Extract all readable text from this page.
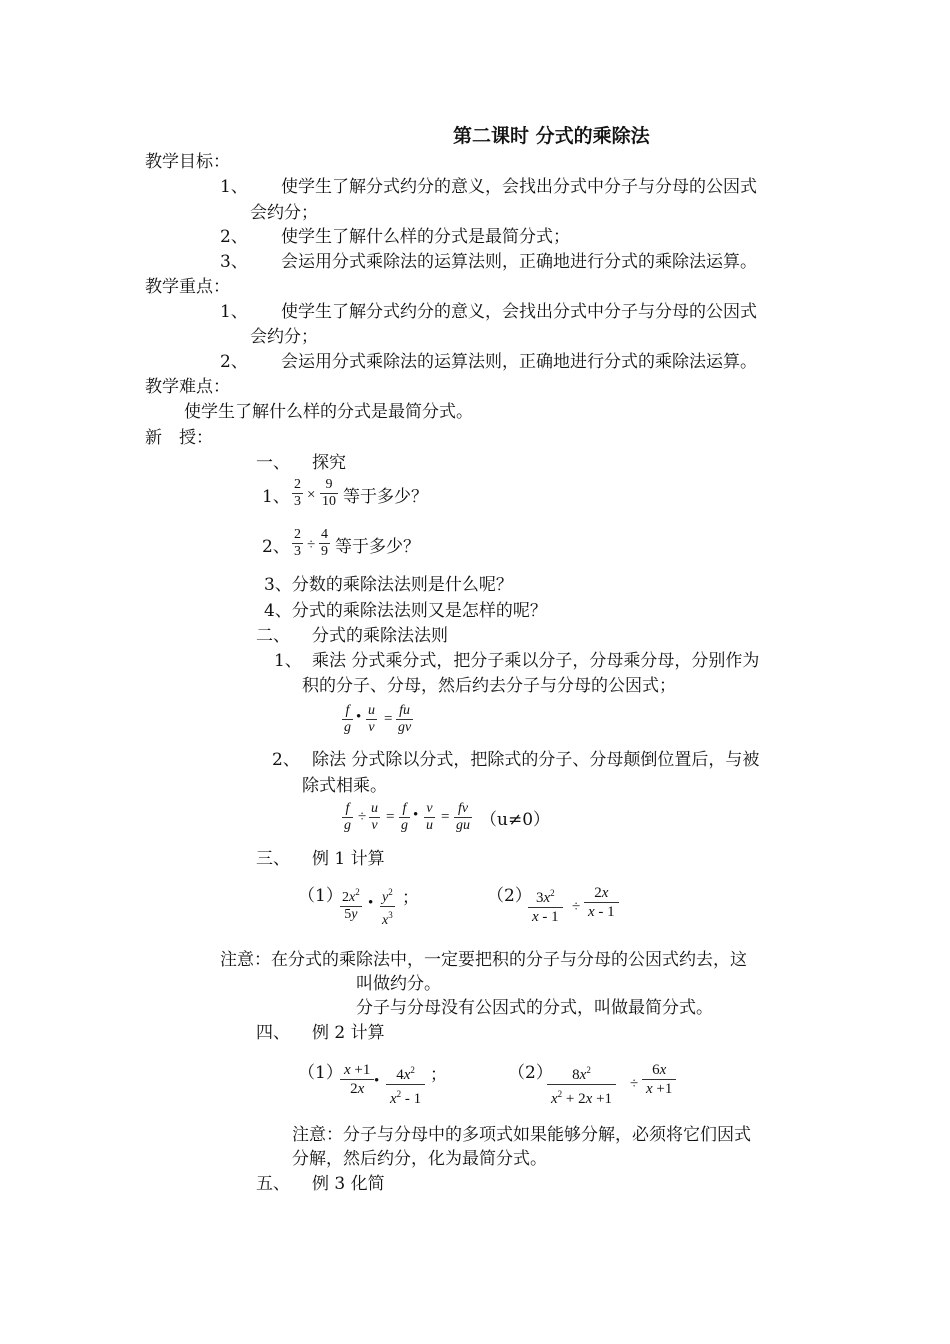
第二课时 分式的乘除法
教学目标：
1、 使学生了解分式约分的意义，会找出分式中分子与分母的公因式
会约分；
2、 使学生了解什么样的分式是最简分式；
3、 会运用分式乘除法的运算法则，正确地进行分式的乘除法运算。
教学重点：
1、 使学生了解分式约分的意义，会找出分式中分子与分母的公因式
会约分；
2、 会运用分式乘除法的运算法则，正确地进行分式的乘除法运算。
教学难点：
使学生了解什么样的分式是最简分式。
新　授：
一、 探究
1、
2
3 ×
9
10 等于多少？
2、
2
3 ÷
4
9 等于多少？
3、分数的乘除法法则是什么呢？
4、分式的乘除法法则又是怎样的呢？
二、 分式的乘除法法则
1、 乘法 分式乘分式，把分子乘以分子，分母乘分母，分别作为
积的分子、分母，然后约去分子与分母的公因式；
f
g
• u
v
=
fu
gv
2、 除法 分式除以分式，把除式的分子、分母颠倒位置后，与被
除式相乘。
f
g
÷
u
v
=
f
g
• v
u
=
fv
gu （u≠0）
三、 例 1 计算
（1） $2x^2$
5y
• $y^2$
$x^3$
；	（2） $3x^2$
x - 1
÷
2x
x - 1
注意：在分式的乘除法中，一定要把积的分子与分母的公因式约去，这
叫做约分。
分子与分母没有公因式的分式，叫做最简分式。
四、 例 2 计算
（1） x +1
2x •	$4x^2$
$x^2 - 1$
；	（2）	$8x^2$
$x^2 + 2x +1$
÷
6x
x +1
注意：分子与分母中的多项式如果能够分解，必须将它们因式
分解，然后约分，化为最简分式。
五、 例 3 化简
